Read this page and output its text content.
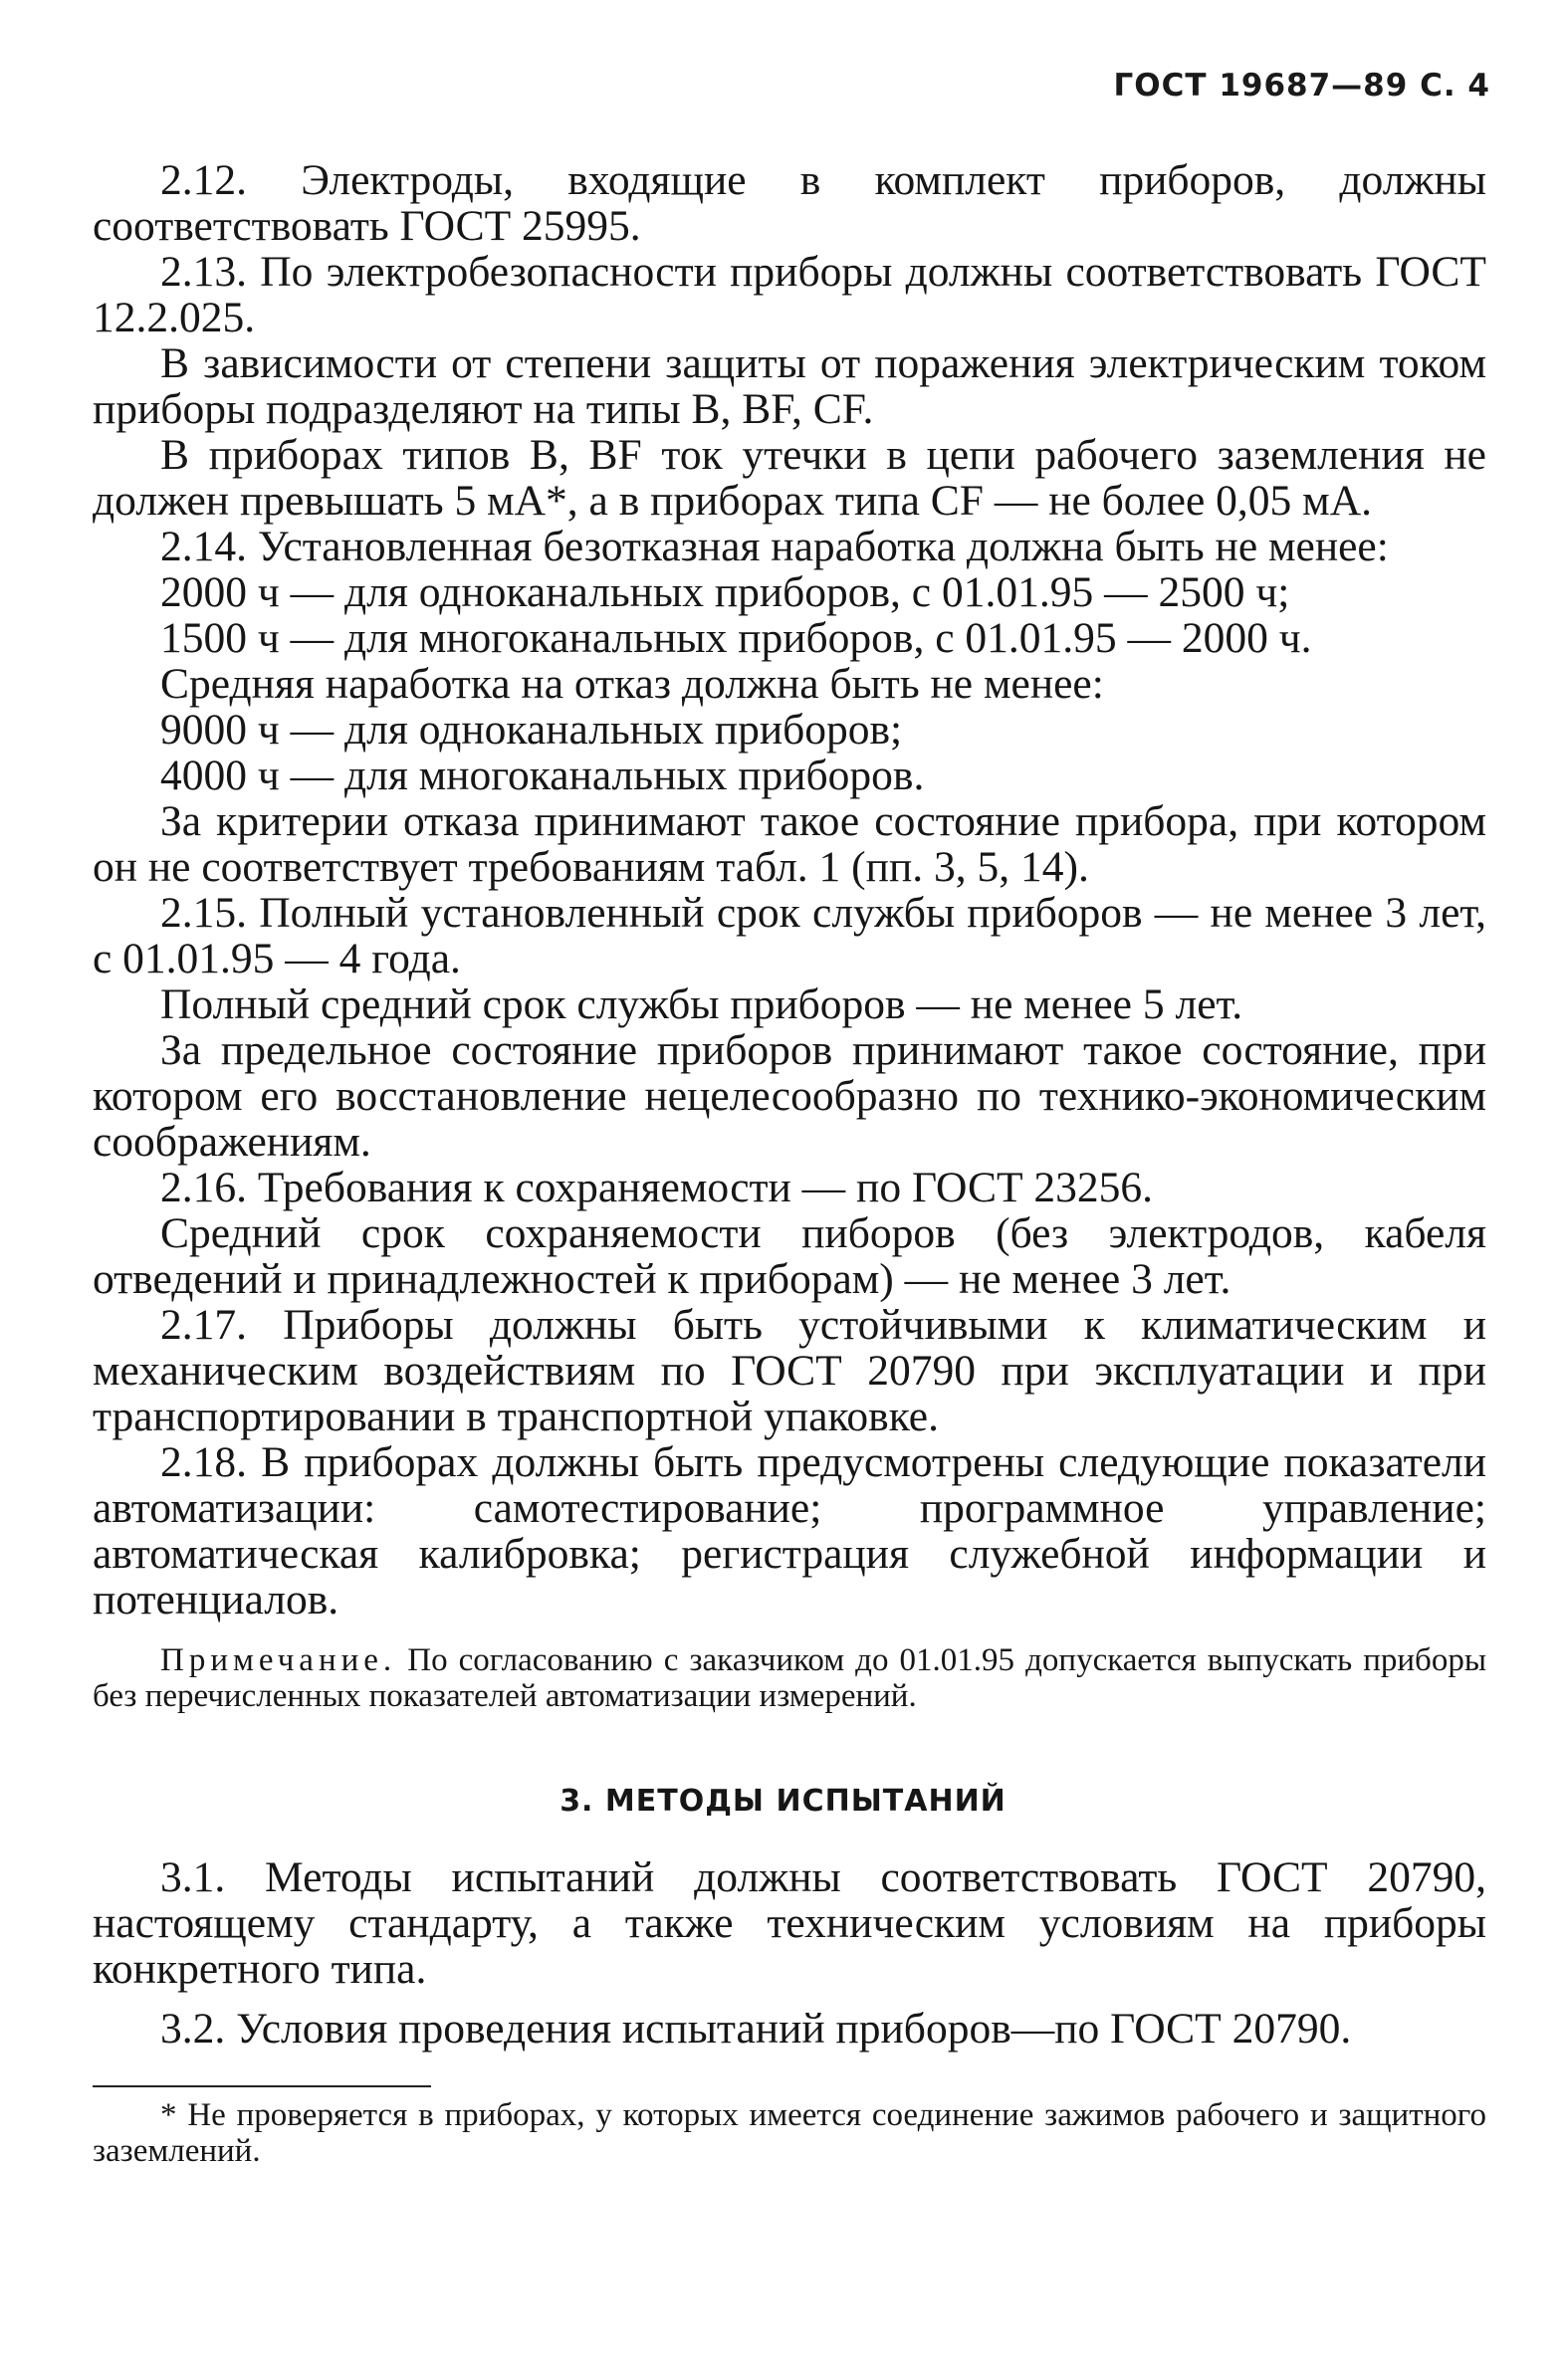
ГОСТ 19687—89 С. 4

2.12. Электроды, входящие в комплект приборов, должны соответствовать ГОСТ 25995.

2.13. По электробезопасности приборы должны соответствовать ГОСТ 12.2.025.

В зависимости от степени защиты от поражения электрическим током приборы подразделяют на типы В, BF, CF.

В приборах типов В, BF ток утечки в цепи рабочего заземления не должен превышать 5 мА*, а в приборах типа CF — не более 0,05 мА.

2.14. Установленная безотказная наработка должна быть не менее:

2000 ч — для одноканальных приборов, с 01.01.95 — 2500 ч;

1500 ч — для многоканальных приборов, с 01.01.95 — 2000 ч.

Средняя наработка на отказ должна быть не менее:

9000 ч — для одноканальных приборов;

4000 ч — для многоканальных приборов.

За критерии отказа принимают такое состояние прибора, при котором он не соответствует требованиям табл. 1 (пп. 3, 5, 14).

2.15. Полный установленный срок службы приборов — не менее 3 лет, с 01.01.95 — 4 года.

Полный средний срок службы приборов — не менее 5 лет.

За предельное состояние приборов принимают такое состояние, при котором его восстановление нецелесообразно по технико-экономическим соображениям.

2.16. Требования к сохраняемости — по ГОСТ 23256.

Средний срок сохраняемости пиборов (без электродов, кабеля отведений и принадлежностей к приборам) — не менее 3 лет.

2.17. Приборы должны быть устойчивыми к климатическим и механическим воздействиям по ГОСТ 20790 при эксплуатации и при транспортировании в транспортной упаковке.

2.18. В приборах должны быть предусмотрены следующие показатели автоматизации: самотестирование; программное управление; автоматическая калибровка; регистрация служебной информации и потенциалов.

Примечание. По согласованию с заказчиком до 01.01.95 допускается выпускать приборы без перечисленных показателей автоматизации измерений.

3. МЕТОДЫ ИСПЫТАНИЙ

3.1. Методы испытаний должны соответствовать ГОСТ 20790, настоящему стандарту, а также техническим условиям на приборы конкретного типа.

3.2. Условия проведения испытаний приборов—по ГОСТ 20790.

* Не проверяется в приборах, у которых имеется соединение зажимов рабочего и защитного заземлений.
